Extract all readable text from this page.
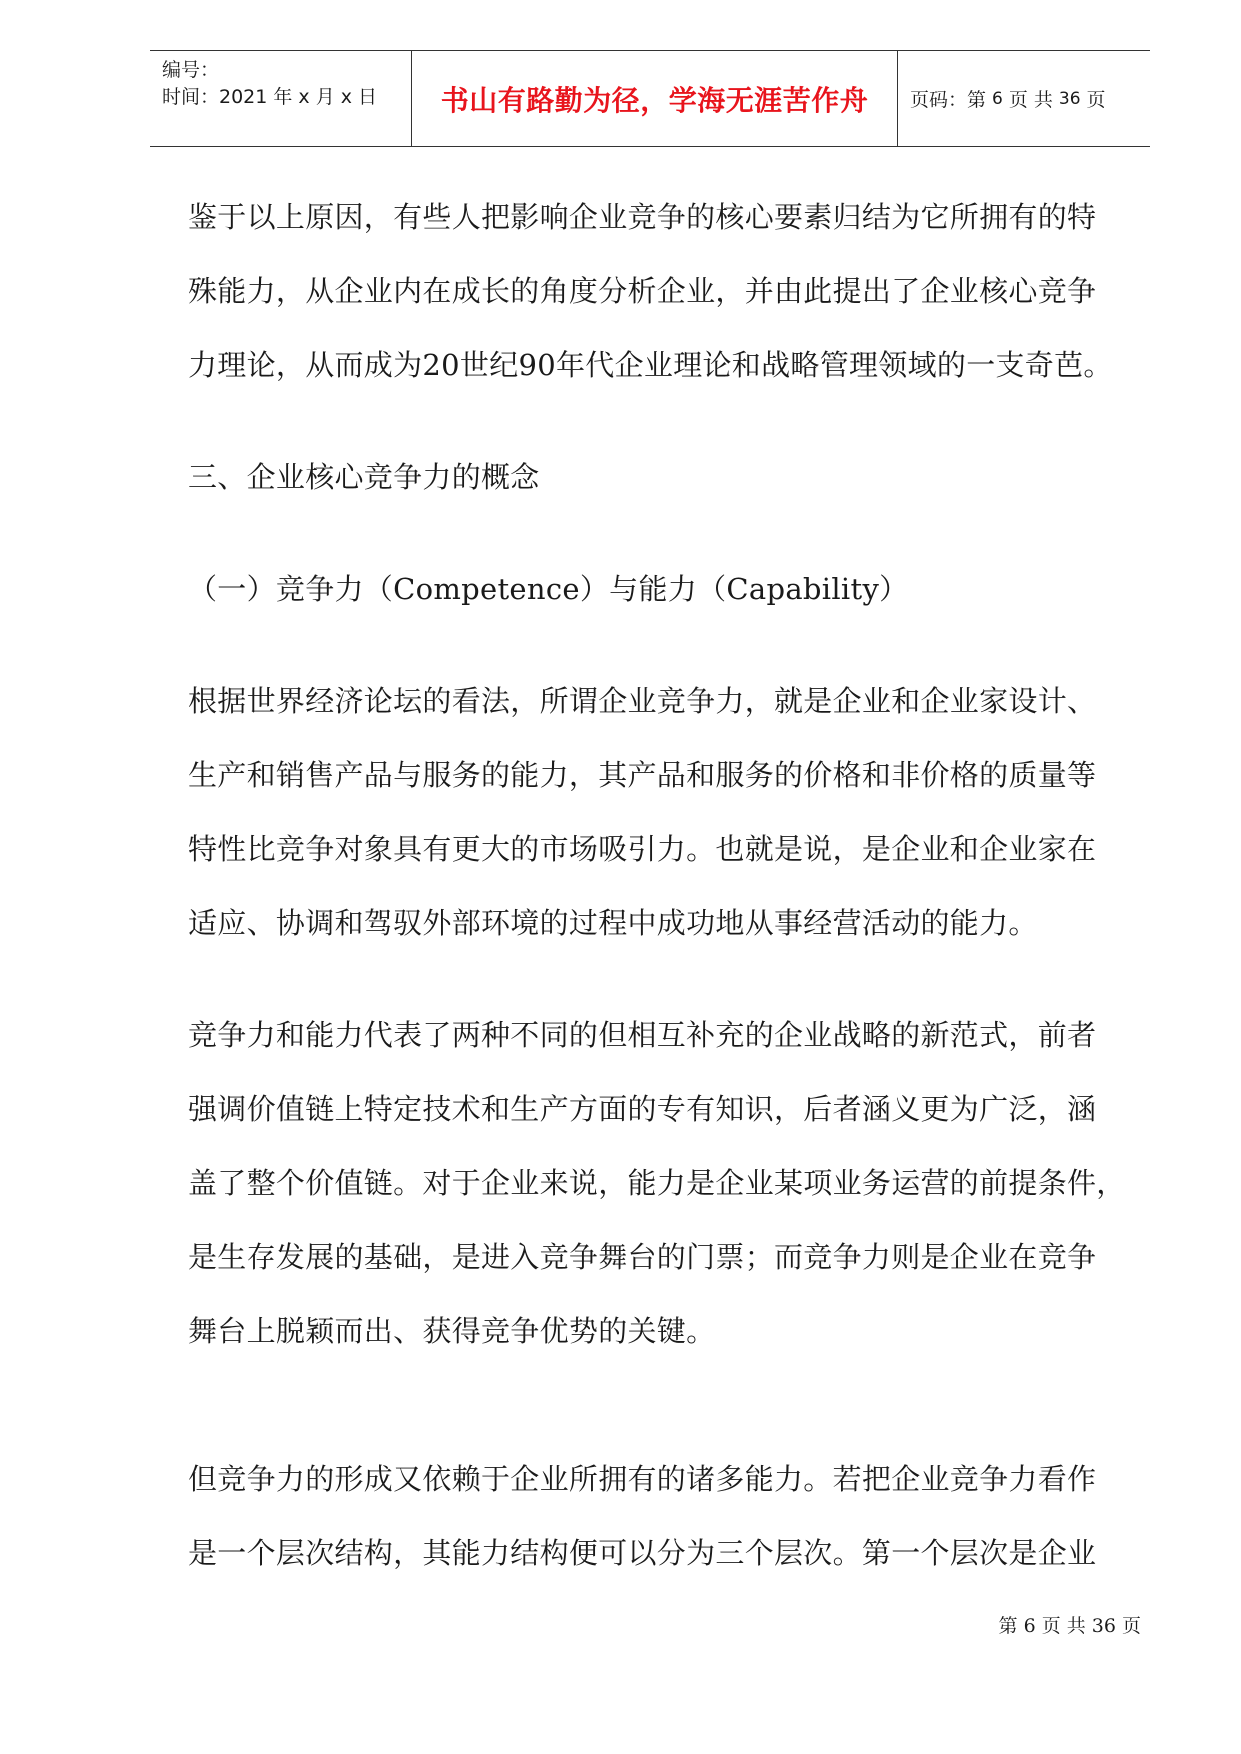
编号：
时间：2021 年 x 月 x 日	书山有路勤为径，学海无涯苦作舟	页码：第 6 页 共 36 页

鉴于以上原因，有些人把影响企业竞争的核心要素归结为它所拥有的特

殊能力，从企业内在成长的角度分析企业，并由此提出了企业核心竞争

力理论，从而成为20世纪90年代企业理论和战略管理领域的一支奇芭。

三、企业核心竞争力的概念

（一）竞争力（Competence）与能力（Capability）

根据世界经济论坛的看法，所谓企业竞争力，就是企业和企业家设计、

生产和销售产品与服务的能力，其产品和服务的价格和非价格的质量等

特性比竞争对象具有更大的市场吸引力。也就是说，是企业和企业家在

适应、协调和驾驭外部环境的过程中成功地从事经营活动的能力。

竞争力和能力代表了两种不同的但相互补充的企业战略的新范式，前者

强调价值链上特定技术和生产方面的专有知识，后者涵义更为广泛，涵

盖了整个价值链。对于企业来说，能力是企业某项业务运营的前提条件，

是生存发展的基础，是进入竞争舞台的门票；而竞争力则是企业在竞争

舞台上脱颖而出、获得竞争优势的关键。

但竞争力的形成又依赖于企业所拥有的诸多能力。若把企业竞争力看作

是一个层次结构，其能力结构便可以分为三个层次。第一个层次是企业

第 6 页 共 36 页
